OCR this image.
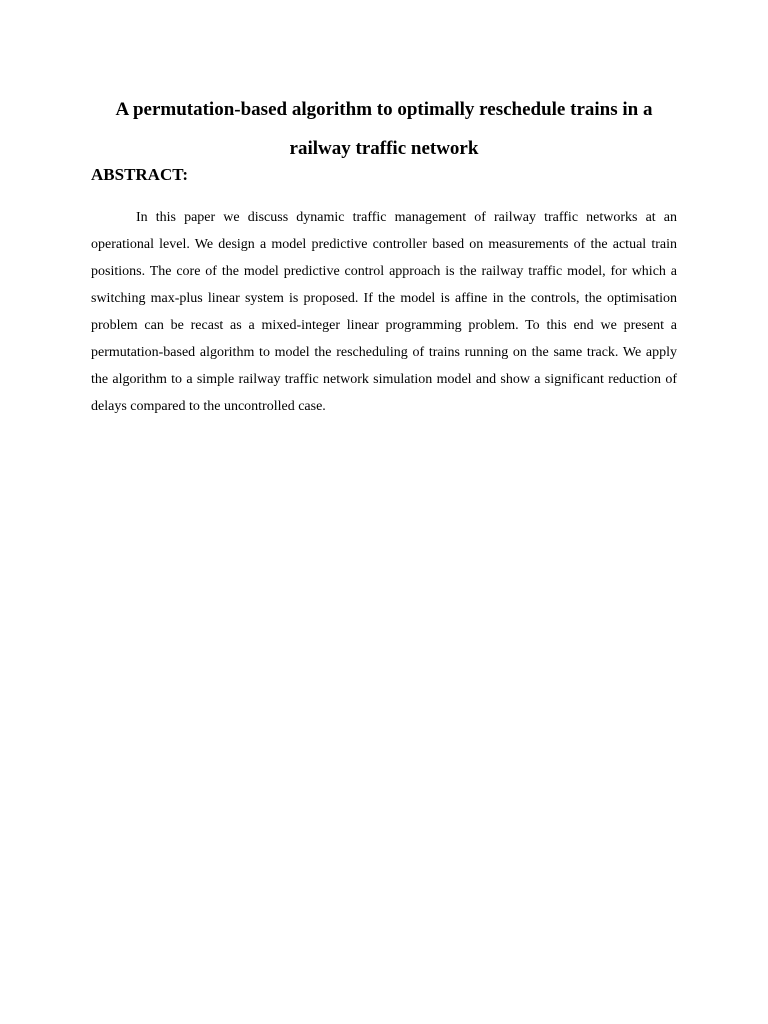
A permutation-based algorithm to optimally reschedule trains in a railway traffic network
ABSTRACT:

In this paper we discuss dynamic traffic management of railway traffic networks at an operational level. We design a model predictive controller based on measurements of the actual train positions. The core of the model predictive control approach is the railway traffic model, for which a switching max-plus linear system is proposed. If the model is affine in the controls, the optimisation problem can be recast as a mixed-integer linear programming problem. To this end we present a permutation-based algorithm to model the rescheduling of trains running on the same track. We apply the algorithm to a simple railway traffic network simulation model and show a significant reduction of delays compared to the uncontrolled case.
